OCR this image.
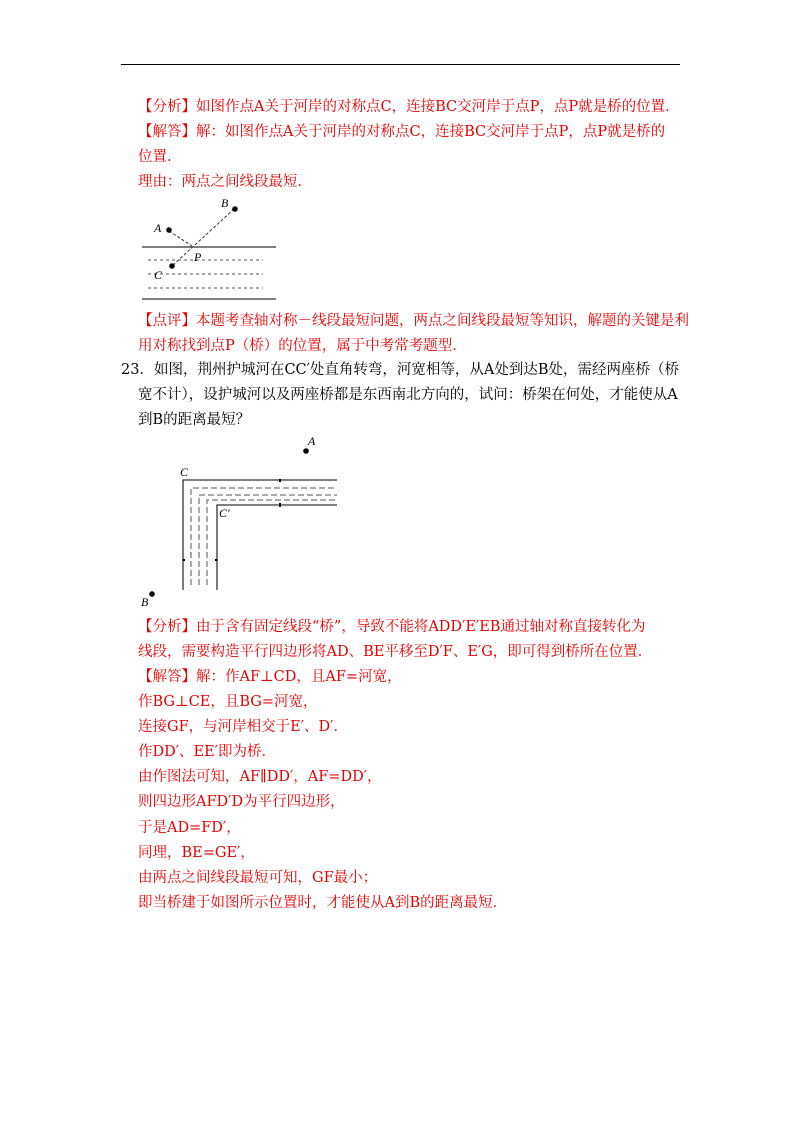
【分析】如图作点A关于河岸的对称点C，连接BC交河岸于点P，点P就是桥的位置．
【解答】解：如图作点A关于河岸的对称点C，连接BC交河岸于点P，点P就是桥的
位置．
理由：两点之间线段最短．
A
B
P
C
【点评】本题考查轴对称－线段最短问题，两点之间线段最短等知识，解题的关键是利
用对称找到点P（桥）的位置，属于中考常考题型．
23．如图，荆州护城河在CC′处直角转弯，河宽相等，从A处到达B处，需经两座桥（桥
宽不计），设护城河以及两座桥都是东西南北方向的，试问：桥架在何处，才能使从A
到B的距离最短？
A
B
C
C′
【分析】由于含有固定线段“桥”，导致不能将ADD′E′EB通过轴对称直接转化为
线段，需要构造平行四边形将AD、BE平移至D′F、E′G，即可得到桥所在位置．
【解答】解：作AF⊥CD，且AF=河宽，
作BG⊥CE，且BG=河宽，
连接GF，与河岸相交于E′、D′．
作DD′、EE′即为桥．
由作图法可知，AF∥DD′，AF=DD′，
则四边形AFD′D为平行四边形，
于是AD=FD′，
同理，BE=GE′，
由两点之间线段最短可知，GF最小；
即当桥建于如图所示位置时，才能使从A到B的距离最短．
